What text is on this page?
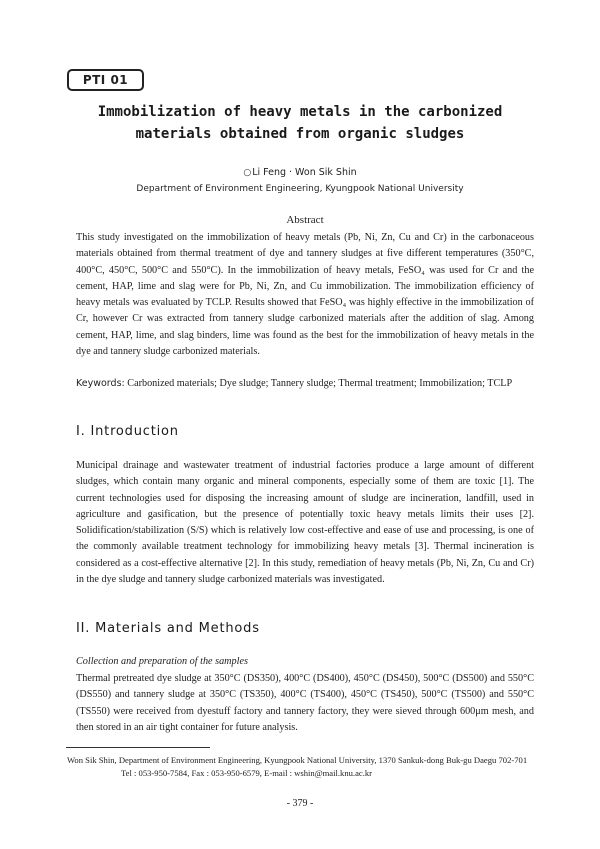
PTI 01
Immobilization of heavy metals in the carbonized
materials obtained from organic sludges
○Li Feng · Won Sik Shin
Department of Environment Engineering, Kyungpook National University
Abstract
This study investigated on the immobilization of heavy metals (Pb, Ni, Zn, Cu and Cr) in the carbonaceous materials obtained from thermal treatment of dye and tannery sludges at five different temperatures (350°C, 400°C, 450°C, 500°C and 550°C). In the immobilization of heavy metals, FeSO₄ was used for Cr and the cement, HAP, lime and slag were for Pb, Ni, Zn, and Cu immobilization. The immobilization efficiency of heavy metals was evaluated by TCLP. Results showed that FeSO₄ was highly effective in the immobilization of Cr, however Cr was extracted from tannery sludge carbonized materials after the addition of slag. Among cement, HAP, lime, and slag binders, lime was found as the best for the immobilization of heavy metals in the dye and tannery sludge carbonized materials.
Keywords: Carbonized materials; Dye sludge; Tannery sludge; Thermal treatment; Immobilization; TCLP
I. Introduction
Municipal drainage and wastewater treatment of industrial factories produce a large amount of different sludges, which contain many organic and mineral components, especially some of them are toxic [1]. The current technologies used for disposing the increasing amount of sludge are incineration, landfill, used in agriculture and gasification, but the presence of potentially toxic heavy metals limits their uses [2]. Solidification/stabilization (S/S) which is relatively low cost-effective and ease of use and processing, is one of the commonly available treatment technology for immobilizing heavy metals [3]. Thermal incineration is considered as a cost-effective alternative [2]. In this study, remediation of heavy metals (Pb, Ni, Zn, Cu and Cr) in the dye sludge and tannery sludge carbonized materials was investigated.
II. Materials and Methods
Collection and preparation of the samples
Thermal pretreated dye sludge at 350°C (DS350), 400°C (DS400), 450°C (DS450), 500°C (DS500) and 550°C (DS550) and tannery sludge at 350°C (TS350), 400°C (TS400), 450°C (TS450), 500°C (TS500) and 550°C (TS550) were received from dyestuff factory and tannery factory, they were sieved through 600μm mesh, and then stored in an air tight container for future analysis.
Won Sik Shin, Department of Environment Engineering, Kyungpook National University, 1370 Sankuk-dong Buk-gu Daegu 702-701
Tel : 053-950-7584, Fax : 053-950-6579, E-mail : wshin@mail.knu.ac.kr
- 379 -
